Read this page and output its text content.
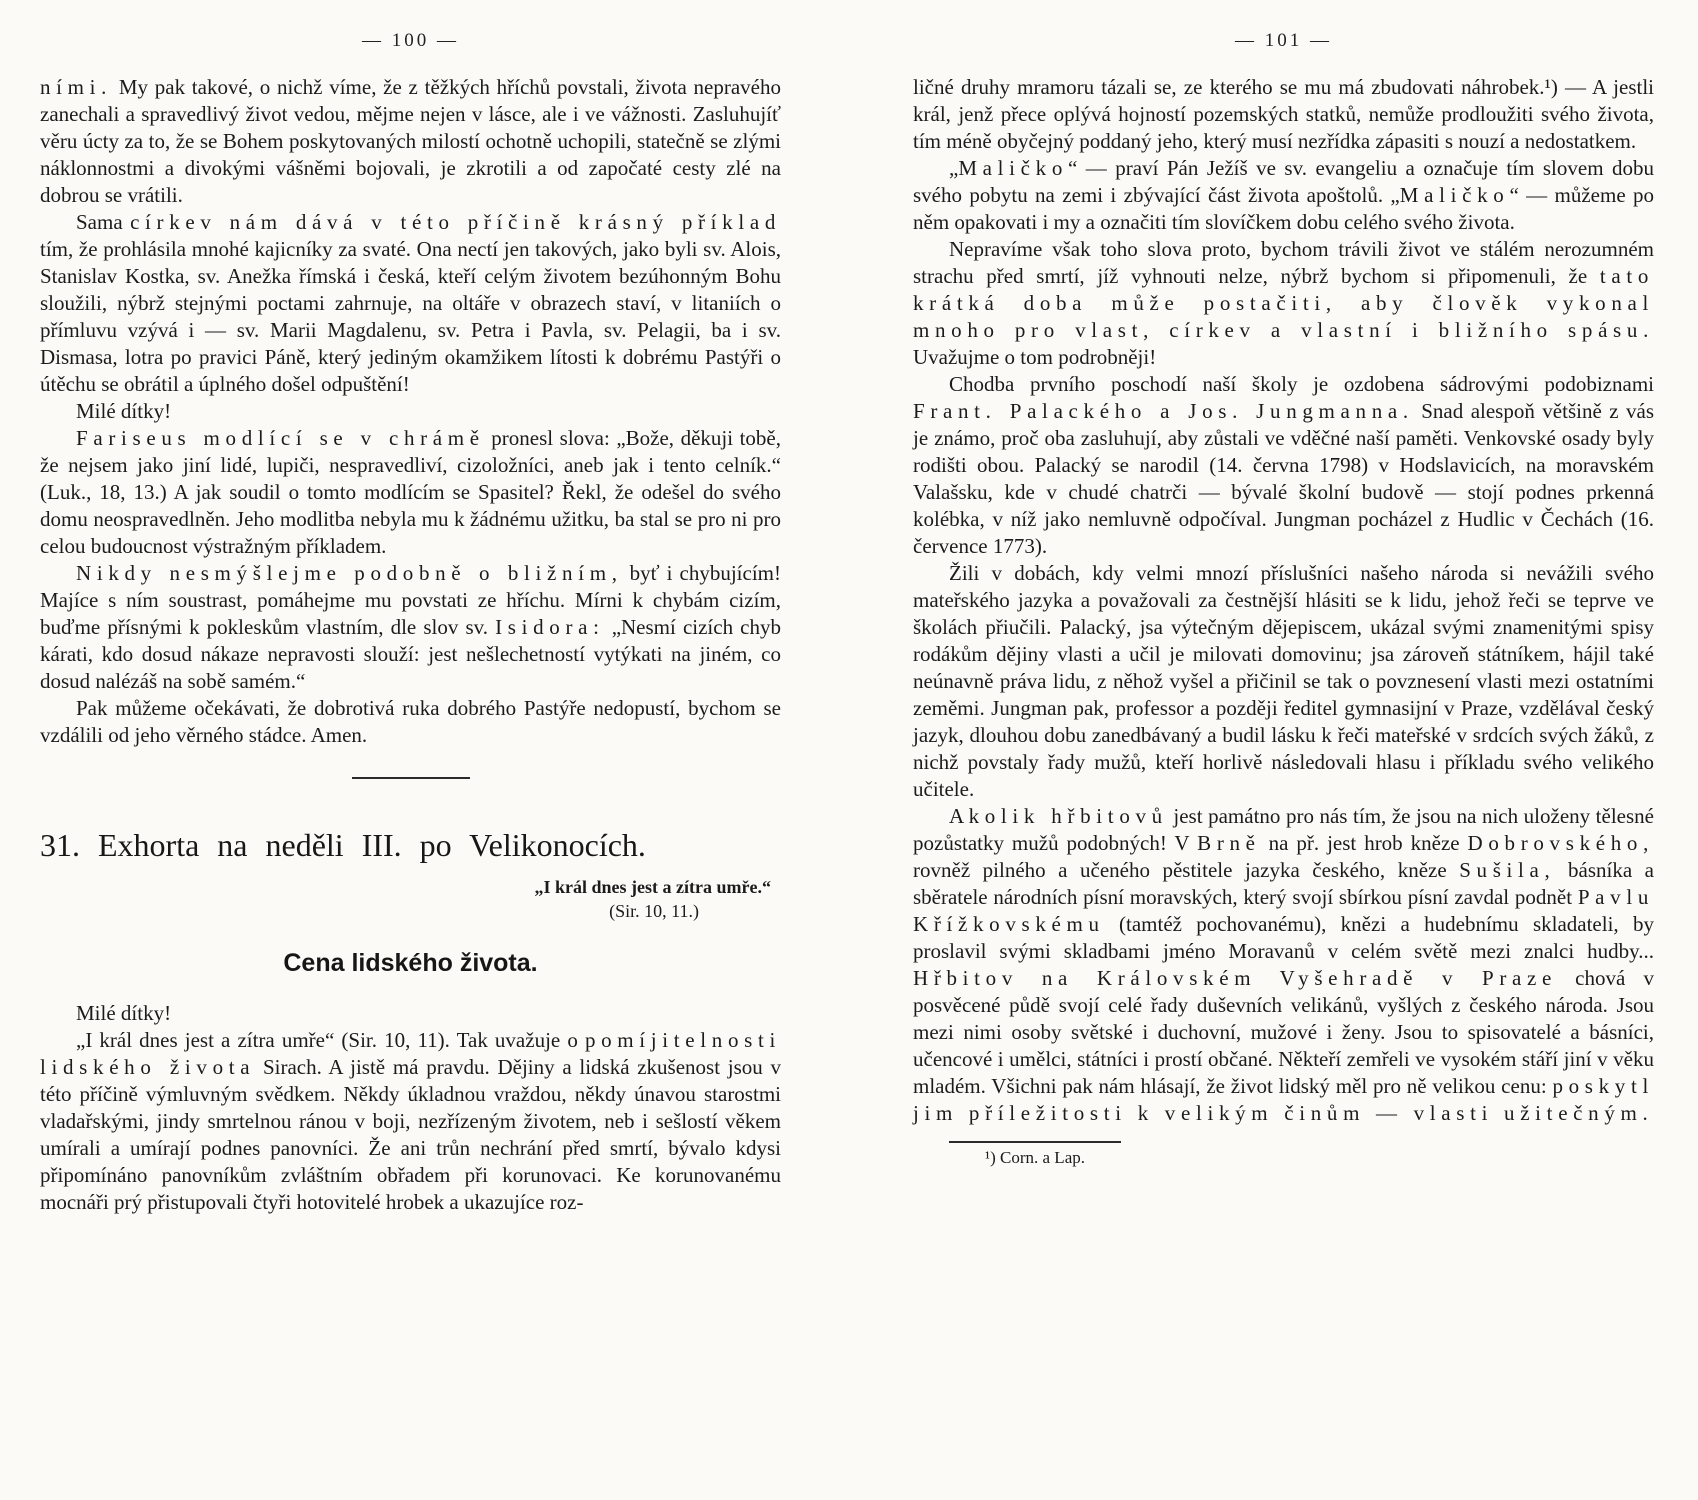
— 100 —

ními. My pak takové, o nichž víme, že z těžkých hříchů povstali, života nepravého zanechali a spravedlivý život vedou, mějme nejen v lásce, ale i ve vážnosti. Zasluhujíť věru úcty za to, že se Bohem poskytovaných milostí ochotně uchopili, statečně se zlými náklonnostmi a divokými vášněmi bojovali, je zkrotili a od započaté cesty zlé na dobrou se vrátili.

Sama církev nám dává v této příčině krásný příklad tím, že prohlásila mnohé kajicníky za svaté. Ona nectí jen takových, jako byli sv. Alois, Stanislav Kostka, sv. Anežka římská i česká, kteří celým životem bezúhonným Bohu sloužili, nýbrž stejnými poctami zahrnuje, na oltáře v obrazech staví, v litaniích o přímluvu vzývá i — sv. Marii Magdalenu, sv. Petra i Pavla, sv. Pelagii, ba i sv. Dismasa, lotra po pravici Páně, který jediným okamžikem lítosti k dobrému Pastýři o útěchu se obrátil a úplného došel odpuštění!

Milé dítky!

Fariseus modlící se v chrámě pronesl slova: „Bože, děkuji tobě, že nejsem jako jiní lidé, lupiči, nespravedliví, cizoložníci, aneb jak i tento celník.“ (Luk., 18, 13.) A jak soudil o tomto modlícím se Spasitel? Řekl, že odešel do svého domu neospravedlněn. Jeho modlitba nebyla mu k žádnému užitku, ba stal se pro ni pro celou budoucnost výstražným příkladem.

Nikdy nesmýšlejme podobně o bližním, byť i chybujícím! Majíce s ním soustrast, pomáhejme mu povstati ze hříchu. Mírni k chybám cizím, buďme přísnými k pokleskům vlastním, dle slov sv. Isidora: „Nesmí cizích chyb kárati, kdo dosud nákaze nepravosti slouží: jest nešlechetností vytýkati na jiném, co dosud nalézáš na sobě samém.“

Pak můžeme očekávati, že dobrotivá ruka dobrého Pastýře nedopustí, bychom se vzdálili od jeho věrného stádce. Amen.

31. Exhorta na neděli III. po Velikonocích.
„I král dnes jest a zítra umře.“
(Sir. 10, 11.)
Cena lidského života.

Milé dítky!

„I král dnes jest a zítra umře“ (Sir. 10, 11). Tak uvažuje o pomíjitelnosti lidského života Sirach. A jistě má pravdu. Dějiny a lidská zkušenost jsou v této příčině výmluvným svědkem. Někdy úkladnou vraždou, někdy únavou starostmi vladařskými, jindy smrtelnou ránou v boji, nezřízeným životem, neb i sešlostí věkem umírali a umírají podnes panovníci. Že ani trůn nechrání před smrtí, bývalo kdysi připomínáno panovníkům zvláštním obřadem při korunovaci. Ke korunovanému mocnáři prý přistupovali čtyři hotovitelé hrobek a ukazujíce roz-

— 101 —

ličné druhy mramoru tázali se, ze kterého se mu má zbudovati náhrobek.¹) — A jestli král, jenž přece oplývá hojností pozemských statků, nemůže prodloužiti svého života, tím méně obyčejný poddaný jeho, který musí nezřídka zápasiti s nouzí a nedostatkem.

„Maličko“ — praví Pán Ježíš ve sv. evangeliu a označuje tím slovem dobu svého pobytu na zemi i zbývající část života apoštolů. „Maličko“ — můžeme po něm opakovati i my a označiti tím slovíčkem dobu celého svého života.

Nepravíme však toho slova proto, bychom trávili život ve stálém nerozumném strachu před smrtí, jíž vyhnouti nelze, nýbrž bychom si připomenuli, že tato krátká doba může postačiti, aby člověk vykonal mnoho pro vlast, církev a vlastní i bližního spásu. Uvažujme o tom podrobněji!

Chodba prvního poschodí naší školy je ozdobena sádrovými podobiznami Frant. Palackého a Jos. Jungmanna. Snad alespoň většině z vás je známo, proč oba zasluhují, aby zůstali ve vděčné naší paměti. Venkovské osady byly rodišti obou. Palacký se narodil (14. června 1798) v Hodslavicích, na moravském Valašsku, kde v chudé chatrči — bývalé školní budově — stojí podnes prkenná kolébka, v níž jako nemluvně odpočíval. Jungman pocházel z Hudlic v Čechách (16. července 1773).

Žili v dobách, kdy velmi mnozí příslušníci našeho národa si nevážili svého mateřského jazyka a považovali za čestnější hlásiti se k lidu, jehož řeči se teprve ve školách přiučili. Palacký, jsa výtečným dějepiscem, ukázal svými znamenitými spisy rodákům dějiny vlasti a učil je milovati domovinu; jsa zároveň státníkem, hájil také neúnavně práva lidu, z něhož vyšel a přičinil se tak o povznesení vlasti mezi ostatními zeměmi. Jungman pak, professor a později ředitel gymnasijní v Praze, vzdělával český jazyk, dlouhou dobu zanedbávaný a budil lásku k řeči mateřské v srdcích svých žáků, z nichž povstaly řady mužů, kteří horlivě následovali hlasu i příkladu svého velikého učitele.

A kolik hřbitovů jest památno pro nás tím, že jsou na nich uloženy tělesné pozůstatky mužů podobných! V Brně na př. jest hrob kněze Dobrovského, rovněž pilného a učeného pěstitele jazyka českého, kněze Sušila, básníka a sběratele národních písní moravských, který svojí sbírkou písní zavdal podnět Pavlu Křížkovskému (tamtéž pochovanému), knězi a hudebnímu skladateli, by proslavil svými skladbami jméno Moravanů v celém světě mezi znalci hudby... Hřbitov na Královském Vyšehradě v Praze chová v posvěcené půdě svojí celé řady duševních velikánů, vyšlých z českého národa. Jsou mezi nimi osoby světské i duchovní, mužové i ženy. Jsou to spisovatelé a básníci, učencové i umělci, státníci i prostí občané. Někteří zemřeli ve vysokém stáří jiní v věku mladém. Všichni pak nám hlásají, že život lidský měl pro ně velikou cenu: poskytl jim příležitosti k velikým činům — vlasti užitečným.

¹) Corn. a Lap.
